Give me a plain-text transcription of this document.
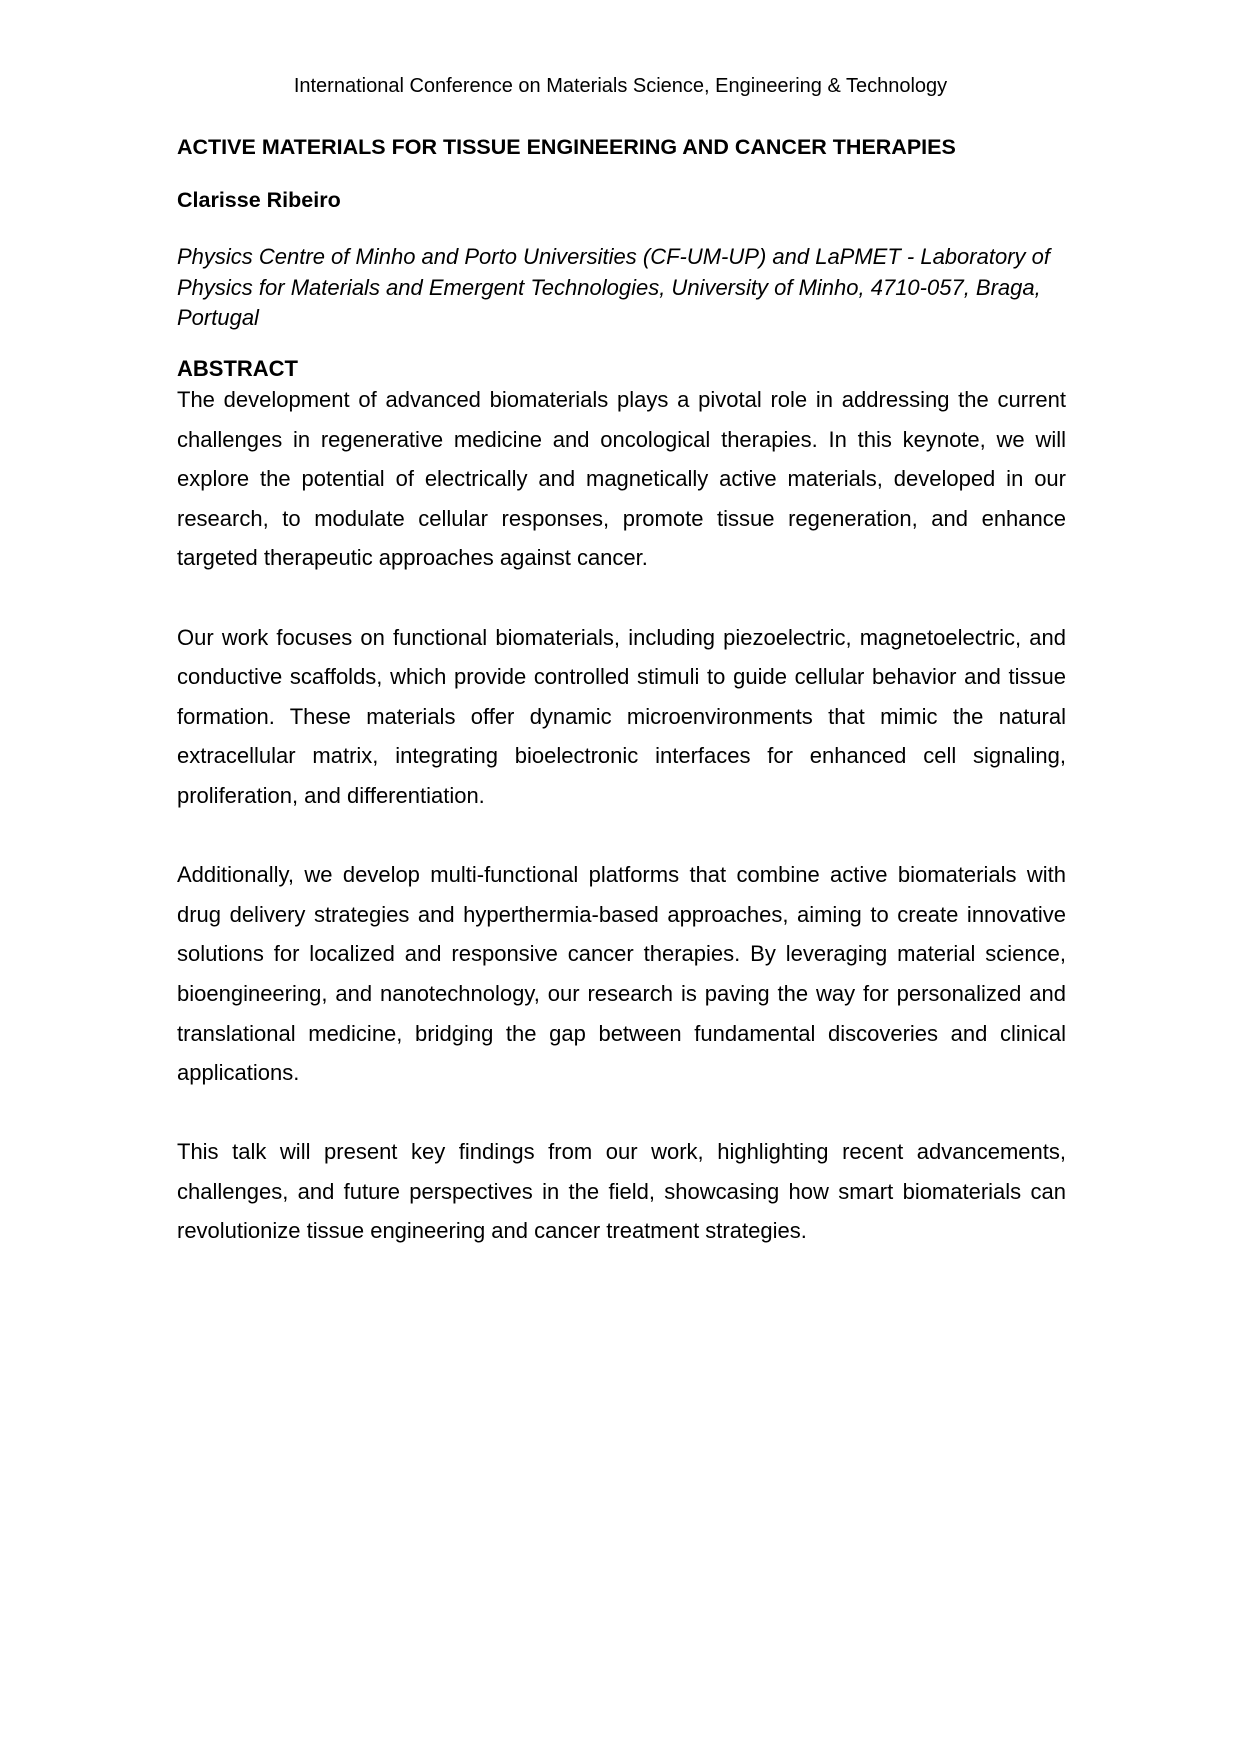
International Conference on Materials Science, Engineering & Technology
ACTIVE MATERIALS FOR TISSUE ENGINEERING AND CANCER THERAPIES
Clarisse Ribeiro
Physics Centre of Minho and Porto Universities (CF-UM-UP) and LaPMET - Laboratory of Physics for Materials and Emergent Technologies, University of Minho, 4710-057, Braga, Portugal
ABSTRACT

The development of advanced biomaterials plays a pivotal role in addressing the current challenges in regenerative medicine and oncological therapies. In this keynote, we will explore the potential of electrically and magnetically active materials, developed in our research, to modulate cellular responses, promote tissue regeneration, and enhance targeted therapeutic approaches against cancer.

Our work focuses on functional biomaterials, including piezoelectric, magnetoelectric, and conductive scaffolds, which provide controlled stimuli to guide cellular behavior and tissue formation. These materials offer dynamic microenvironments that mimic the natural extracellular matrix, integrating bioelectronic interfaces for enhanced cell signaling, proliferation, and differentiation.

Additionally, we develop multi-functional platforms that combine active biomaterials with drug delivery strategies and hyperthermia-based approaches, aiming to create innovative solutions for localized and responsive cancer therapies. By leveraging material science, bioengineering, and nanotechnology, our research is paving the way for personalized and translational medicine, bridging the gap between fundamental discoveries and clinical applications.

This talk will present key findings from our work, highlighting recent advancements, challenges, and future perspectives in the field, showcasing how smart biomaterials can revolutionize tissue engineering and cancer treatment strategies.
